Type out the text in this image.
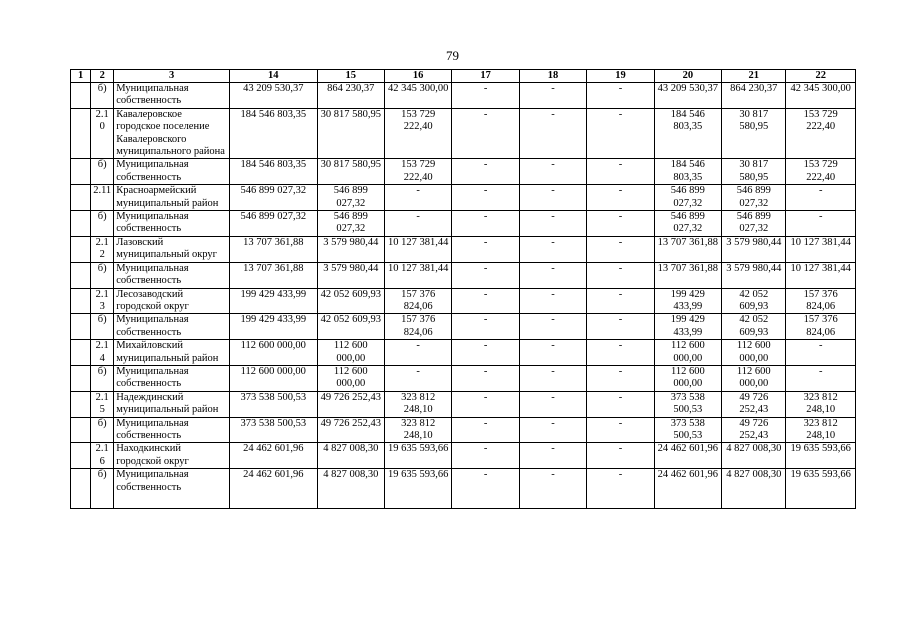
79
1	2	3	14	15	16	17	18	19	20	21	22
	б)	Муниципальная собственность	43 209 530,37	864 230,37	42 345 300,00	-	-	-	43 209 530,37	864 230,37	42 345 300,00
	2.10	Кавалеровское городское поселение Кавалеровского муниципального района	184 546 803,35	30 817 580,95	153 729 222,40	-	-	-	184 546 803,35	30 817 580,95	153 729 222,40
	б)	Муниципальная собственность	184 546 803,35	30 817 580,95	153 729 222,40	-	-	-	184 546 803,35	30 817 580,95	153 729 222,40
	2.11	Красноармейский муниципальный район	546 899 027,32	546 899 027,32	-	-	-	-	546 899 027,32	546 899 027,32	-
	б)	Муниципальная собственность	546 899 027,32	546 899 027,32	-	-	-	-	546 899 027,32	546 899 027,32	-
	2.12	Лазовский муниципальный округ	13 707 361,88	3 579 980,44	10 127 381,44	-	-	-	13 707 361,88	3 579 980,44	10 127 381,44
	б)	Муниципальная собственность	13 707 361,88	3 579 980,44	10 127 381,44	-	-	-	13 707 361,88	3 579 980,44	10 127 381,44
	2.13	Лесозаводский городской округ	199 429 433,99	42 052 609,93	157 376 824,06	-	-	-	199 429 433,99	42 052 609,93	157 376 824,06
	б)	Муниципальная собственность	199 429 433,99	42 052 609,93	157 376 824,06	-	-	-	199 429 433,99	42 052 609,93	157 376 824,06
	2.14	Михайловский муниципальный район	112 600 000,00	112 600 000,00	-	-	-	-	112 600 000,00	112 600 000,00	-
	б)	Муниципальная собственность	112 600 000,00	112 600 000,00	-	-	-	-	112 600 000,00	112 600 000,00	-
	2.15	Надеждинский муниципальный район	373 538 500,53	49 726 252,43	323 812 248,10	-	-	-	373 538 500,53	49 726 252,43	323 812 248,10
	б)	Муниципальная собственность	373 538 500,53	49 726 252,43	323 812 248,10	-	-	-	373 538 500,53	49 726 252,43	323 812 248,10
	2.16	Находкинский городской округ	24 462 601,96	4 827 008,30	19 635 593,66	-	-	-	24 462 601,96	4 827 008,30	19 635 593,66
	б)	Муниципальная собственность	24 462 601,96	4 827 008,30	19 635 593,66	-	-	-	24 462 601,96	4 827 008,30	19 635 593,66
